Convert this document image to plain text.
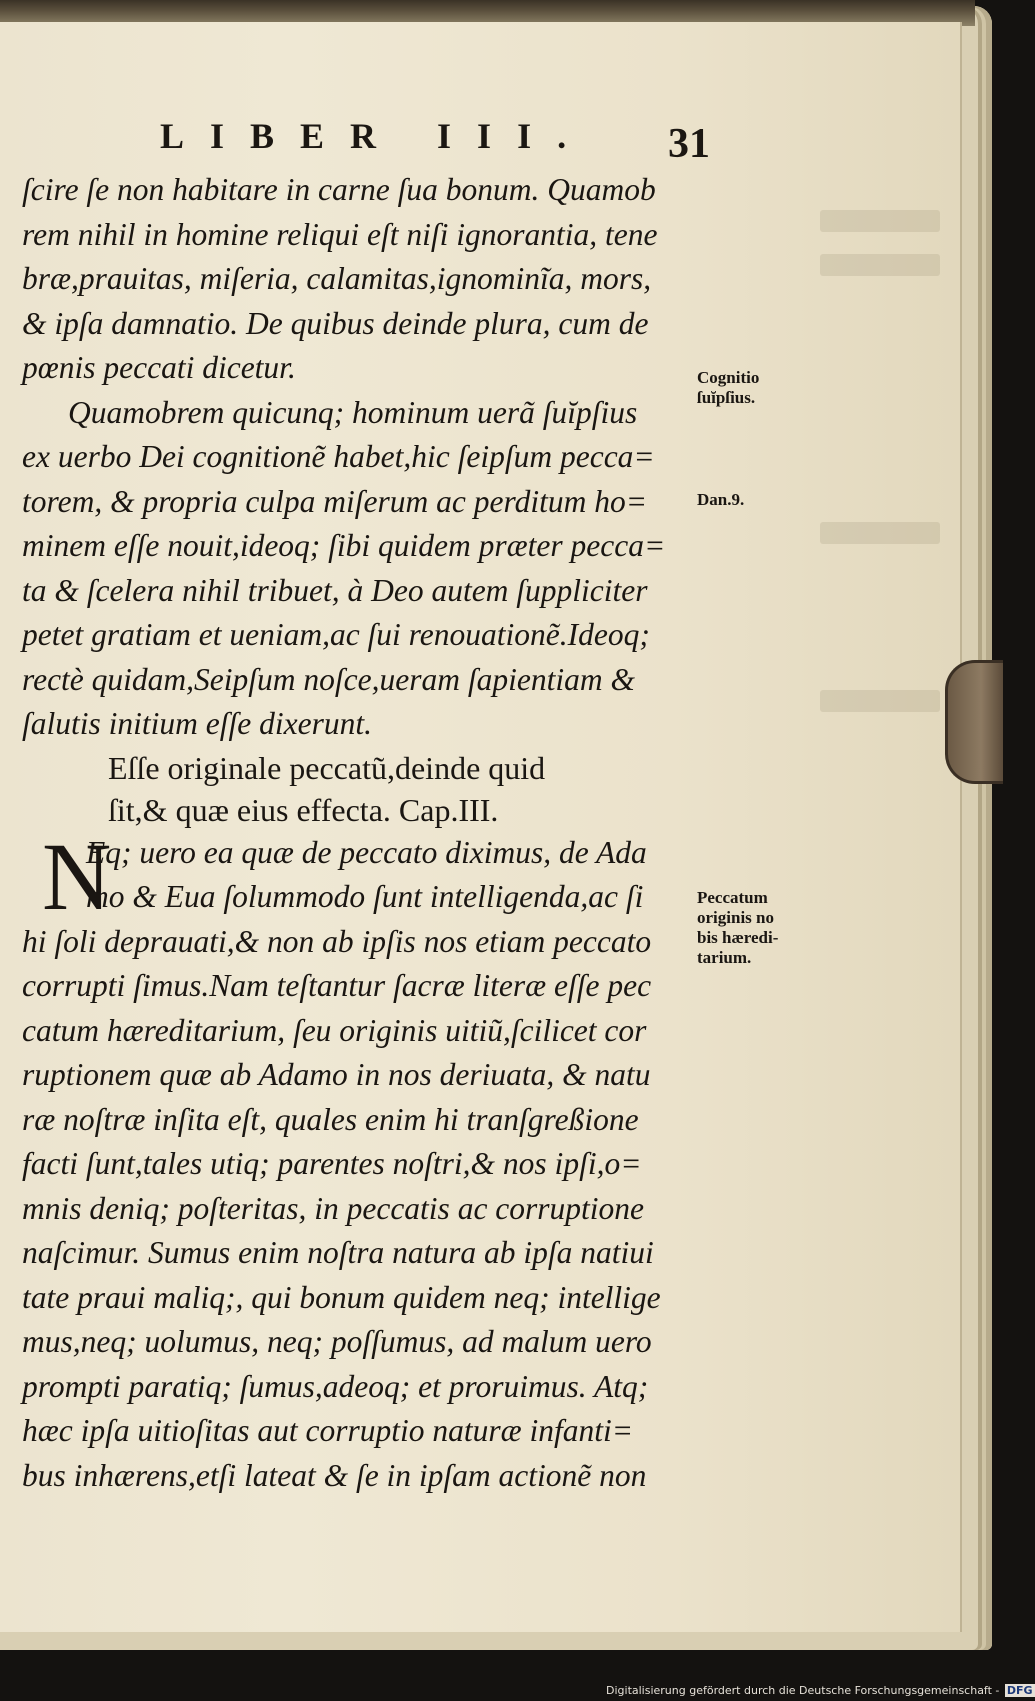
LIBER III.	31
ſcire ſe non habitare in carne ſua bonum. Quamob
rem nihil in homine reliqui eſt niſi ignorantia, tene
bræ,prauitas, miſeria, calamitas,ignominĩa, mors,
& ipſa damnatio. De quibus deinde plura, cum de
pœnis peccati dicetur.
Quamobrem quicunq; hominum uerã ſuĭpſius
ex uerbo Dei cognitionẽ habet,hic ſeipſum pecca=
torem, & propria culpa miſerum ac perditum ho=
minem eſſe nouit,ideoq; ſibi quidem præter pecca=
ta & ſcelera nihil tribuet, à Deo autem ſuppliciter
petet gratiam et ueniam,ac ſui renouationẽ.Ideoq;
rectè quidam,Seipſum noſce,ueram ſapientiam &
ſalutis initium eſſe dixerunt.
Eſſe originale peccatũ,deinde quid
ſit,& quæ eius effecta. Cap.III.
N
Eq; uero ea quæ de peccato diximus, de Ada
mo & Eua ſolummodo ſunt intelligenda,ac ſi
hi ſoli deprauati,& non ab ipſis nos etiam peccato
corrupti ſimus.Nam teſtantur ſacræ literæ eſſe pec
catum hæreditarium, ſeu originis uitiũ,ſcilicet cor
ruptionem quæ ab Adamo in nos deriuata, & natu
ræ noſtræ inſita eſt, quales enim hi tranſgreßione
facti ſunt,tales utiq; parentes noſtri,& nos ipſi,o=
mnis deniq; poſteritas, in peccatis ac corruptione
naſcimur. Sumus enim noſtra natura ab ipſa natiui
tate praui maliq;, qui bonum quidem neq; intellige
mus,neq; uolumus, neq; poſſumus, ad malum uero
prompti paratiq; ſumus,adeoq; et proruimus. Atq;
hæc ipſa uitioſitas aut corruptio naturæ infanti=
bus inhærens,etſi lateat & ſe in ipſam actionẽ non
Cognitio
ſuĭpſius.
Dan.9.
Peccatum
originis no
bis hæredi-
tarium.
Digitalisierung gefördert durch die Deutsche Forschungsgemeinschaft - DFG
